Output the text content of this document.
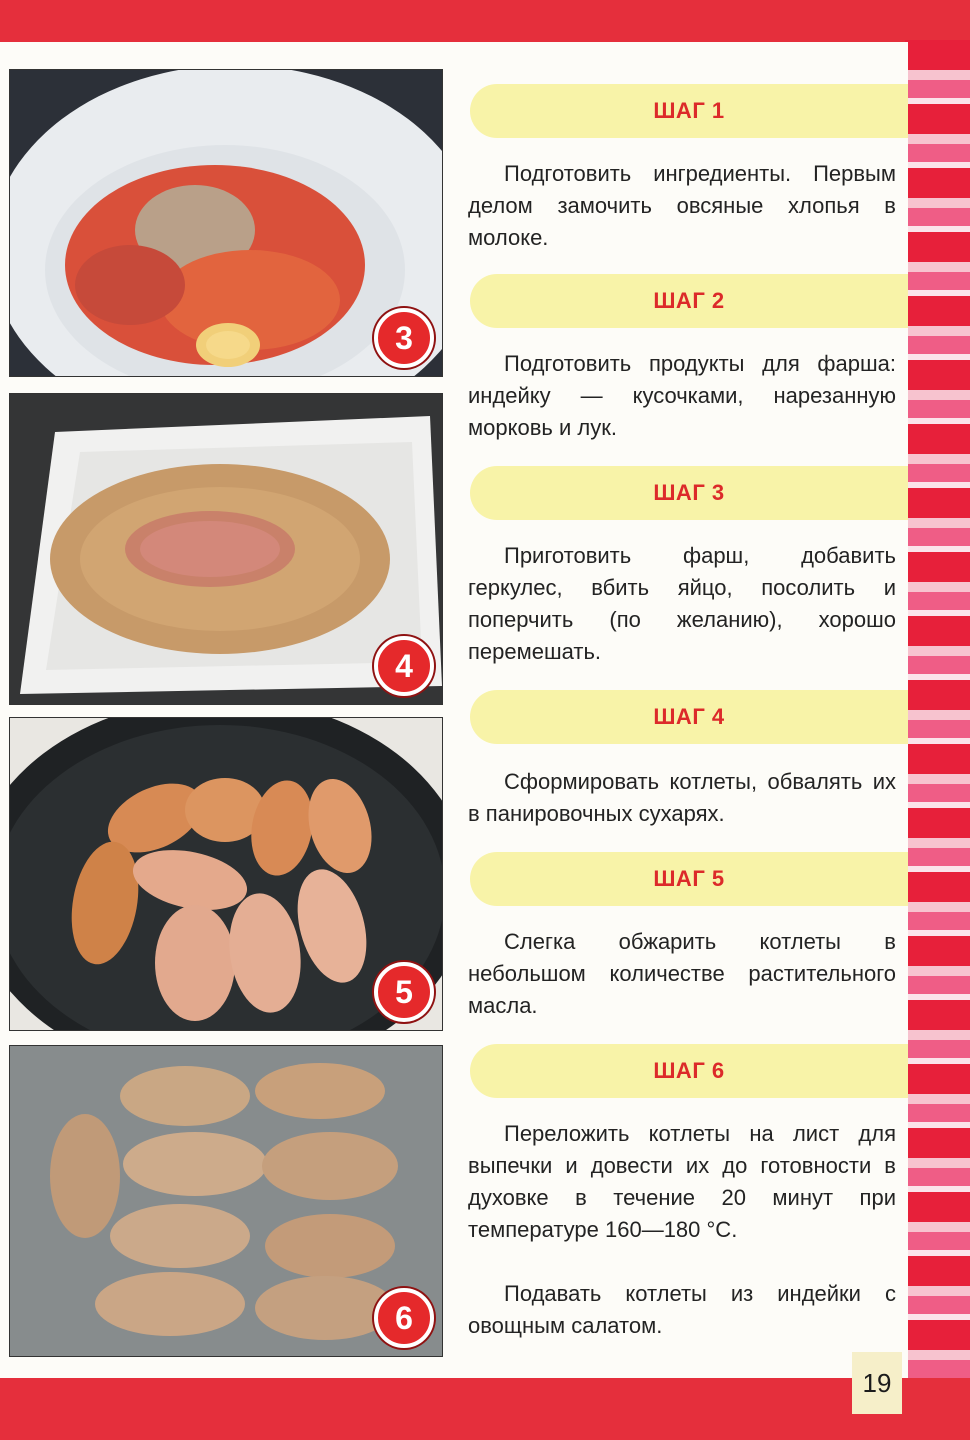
3
4
5
6
ШАГ 1
Подготовить ингредиенты. Первым делом замочить овсяные хлопья в молоке.
ШАГ 2
Подготовить продукты для фарша: индейку — кусочками, нарезанную морковь и лук.
ШАГ 3
Приготовить фарш, добавить геркулес, вбить яйцо, посолить и поперчить (по желанию), хорошо перемешать.
ШАГ 4
Сформировать котлеты, обвалять их в панировочных сухарях.
ШАГ 5
Слегка обжарить котлеты в небольшом количестве растительного масла.
ШАГ 6
Переложить котлеты на лист для выпечки и довести их до готовности в духовке в течение 20 минут при температуре 160—180 °С.
Подавать котлеты из индейки с овощным салатом.
19
